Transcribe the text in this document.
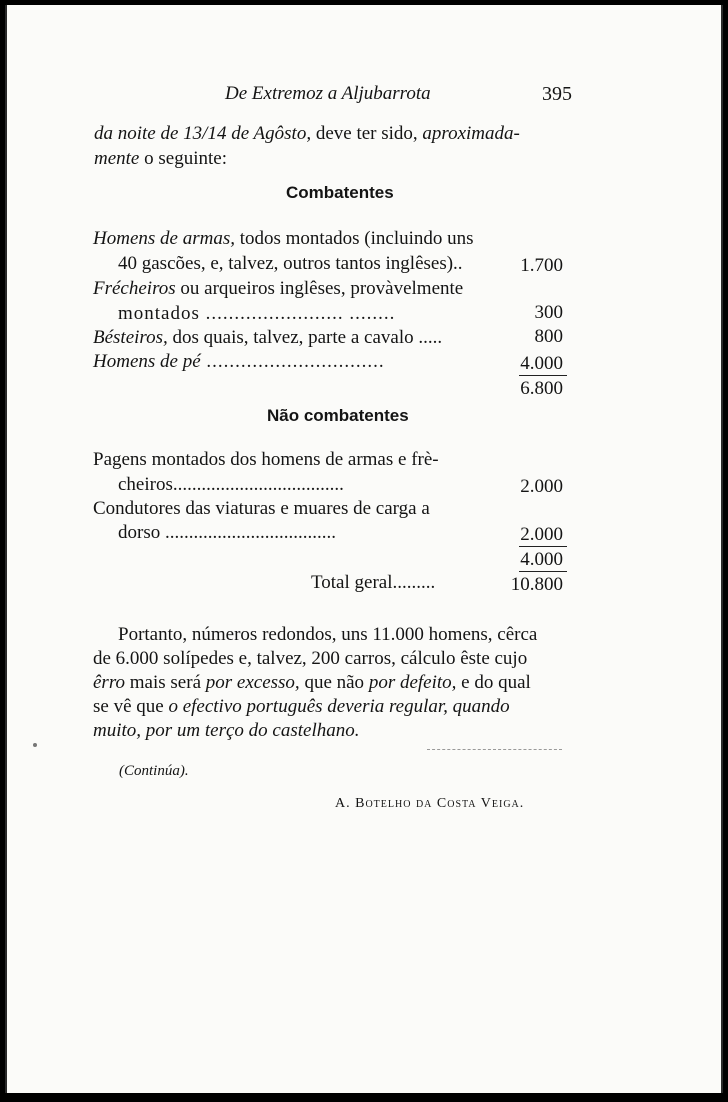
De Extremoz a Aljubarrota	395
da noite de 13/14 de Agôsto, deve ter sido, aproximada-
mente o seguinte:
Combatentes
Homens de armas, todos montados (incluindo uns
40 gascões, e, talvez, outros tantos inglêses)..	1.700
Frécheiros ou arqueiros inglêses, provàvelmente
montados ........................ ........	300
Bésteiros, dos quais, talvez, parte a cavalo .....	800
Homens de pé ...............................	4.000
6.800
Não combatentes
Pagens montados dos homens de armas e frè-
cheiros....................................	2.000
Condutores das viaturas e muares de carga a
dorso ....................................	2.000
4.000
Total geral.........	10.800
Portanto, números redondos, uns 11.000 homens, cêrca
de 6.000 solípedes e, talvez, 200 carros, cálculo êste cujo
êrro mais será por excesso, que não por defeito, e do qual
se vê que o efectivo português deveria regular, quando
muito, por um terço do castelhano.
(Continúa).
A. Botelho da Costa Veiga.
